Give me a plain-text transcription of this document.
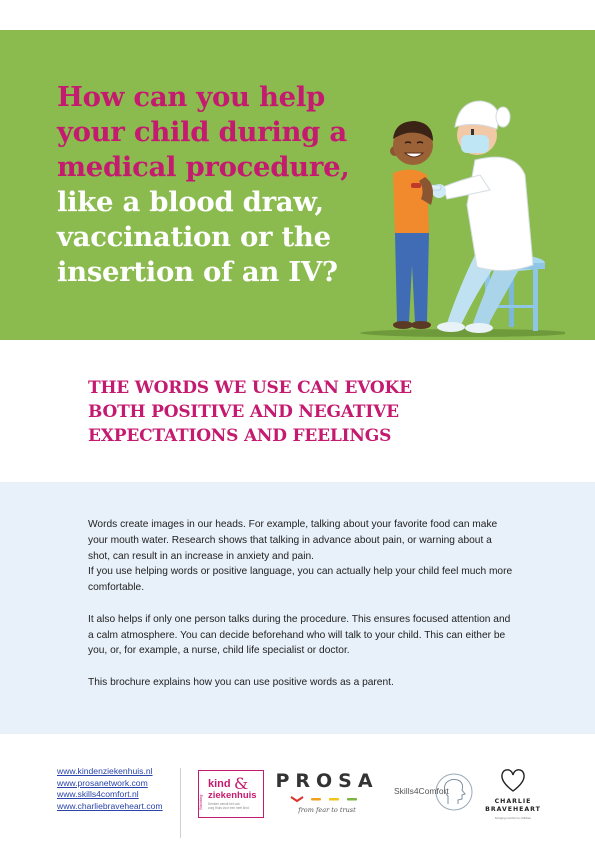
How can you help
your child during a
medical procedure,
like a blood draw,
vaccination or the
insertion of an IV?
THE WORDS WE USE CAN EVOKE
BOTH POSITIVE AND NEGATIVE
EXPECTATIONS AND FEELINGS

Words create images in our heads. For example, talking about your favorite food can make your mouth water. Research shows that talking in advance about pain, or warning about a shot, can result in an increase in anxiety and pain.
If you use helping words or positive language, you can actually help your child feel much more comfortable.

It also helps if only one person talks during the procedure. This ensures focused attention and a calm atmosphere. You can decide beforehand who will talk to your child. This can either be you, or, for example, a nurse, child life specialist or doctor.

This brochure explains how you can use positive words as a parent.

www.kindenziekenhuis.nl
www.prosanetwork.com
www.skills4comfort.nl
www.charliebraveheart.com	Stichting
kind &
ziekenhuis
Denken vanuit het ook
zorg thuis voor een heel kind
PROSA
from fear to trust
Skills4Comfort
CHARLIE
BRAVEHEART
bringing comfort to children
